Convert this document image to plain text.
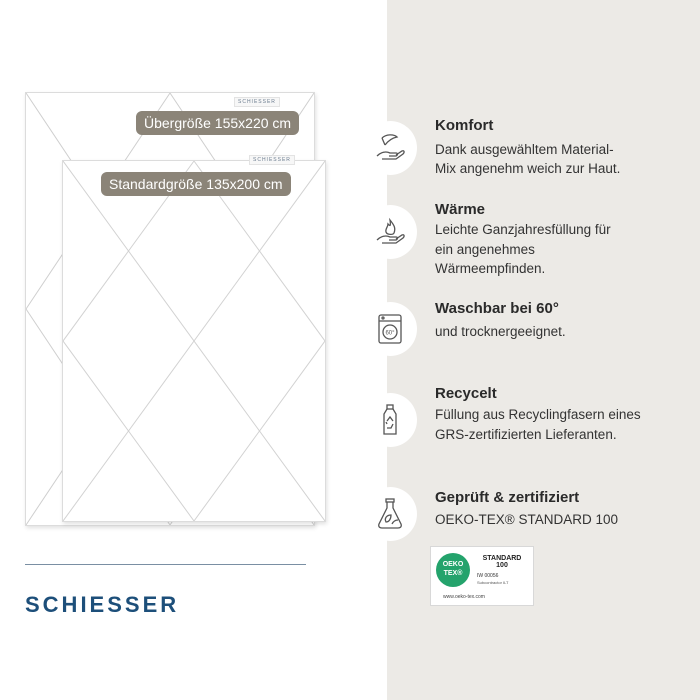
SCHIESSER
SCHIESSER
Übergröße 155x220 cm
Standardgröße 135x200 cm
SCHIESSER
Komfort
Dank ausgewähltem Material-
Mix angenehm weich zur Haut.
Wärme
Leichte Ganzjahresfüllung für
ein angenehmes
Wärmeempfinden.
60°
Waschbar bei 60°
und trocknergeeignet.
Recycelt
Füllung aus Recyclingfasern eines
GRS-zertifizierten Lieferanten.
Geprüft & zertifiziert
OEKO-TEX® STANDARD 100
OEKO
TEX®
STANDARD 100
IW 00056
Subcontractor ILT
www.oeko-tex.com
